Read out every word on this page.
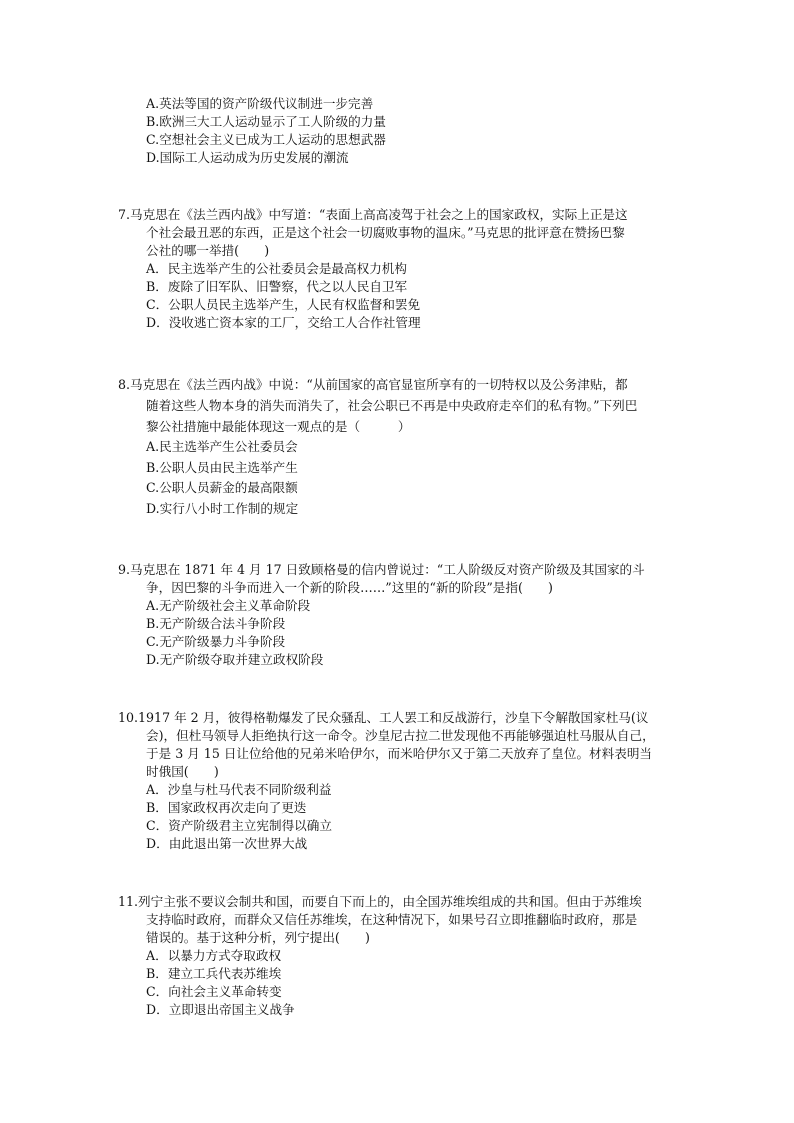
A.英法等国的资产阶级代议制进一步完善
B.欧洲三大工人运动显示了工人阶级的力量
C.空想社会主义已成为工人运动的思想武器
D.国际工人运动成为历史发展的潮流
7.马克思在《法兰西内战》中写道：“表面上高高凌驾于社会之上的国家政权，实际上正是这
个社会最丑恶的东西，正是这个社会一切腐败事物的温床。”马克思的批评意在赞扬巴黎
公社的哪一举措(　　)
A．民主选举产生的公社委员会是最高权力机构
B．废除了旧军队、旧警察，代之以人民自卫军
C．公职人员民主选举产生，人民有权监督和罢免
D．没收逃亡资本家的工厂，交给工人合作社管理
8.马克思在《法兰西内战》中说：“从前国家的高官显宦所享有的一切特权以及公务津贴，都
随着这些人物本身的消失而消失了，社会公职已不再是中央政府走卒们的私有物。”下列巴
黎公社措施中最能体现这一观点的是（　　　）
A.民主选举产生公社委员会
B.公职人员由民主选举产生
C.公职人员薪金的最高限额
D.实行八小时工作制的规定
9.马克思在 1871 年 4 月 17 日致顾格曼的信内曾说过：“工人阶级反对资产阶级及其国家的斗
争，因巴黎的斗争而进入一个新的阶段……”这里的“新的阶段”是指(　　)
A.无产阶级社会主义革命阶段
B.无产阶级合法斗争阶段
C.无产阶级暴力斗争阶段
D.无产阶级夺取并建立政权阶段
10.1917 年 2 月，彼得格勒爆发了民众骚乱、工人罢工和反战游行，沙皇下令解散国家杜马(议
会)，但杜马领导人拒绝执行这一命令。沙皇尼古拉二世发现他不再能够强迫杜马服从自己，
于是 3 月 15 日让位给他的兄弟米哈伊尔，而米哈伊尔又于第二天放弃了皇位。材料表明当
时俄国(　　)
A．沙皇与杜马代表不同阶级利益
B．国家政权再次走向了更迭
C．资产阶级君主立宪制得以确立
D．由此退出第一次世界大战
11.列宁主张不要议会制共和国，而要自下而上的，由全国苏维埃组成的共和国。但由于苏维埃
支持临时政府，而群众又信任苏维埃，在这种情况下，如果号召立即推翻临时政府，那是
错误的。基于这种分析，列宁提出(　　)
A．以暴力方式夺取政权
B．建立工兵代表苏维埃
C．向社会主义革命转变
D．立即退出帝国主义战争
